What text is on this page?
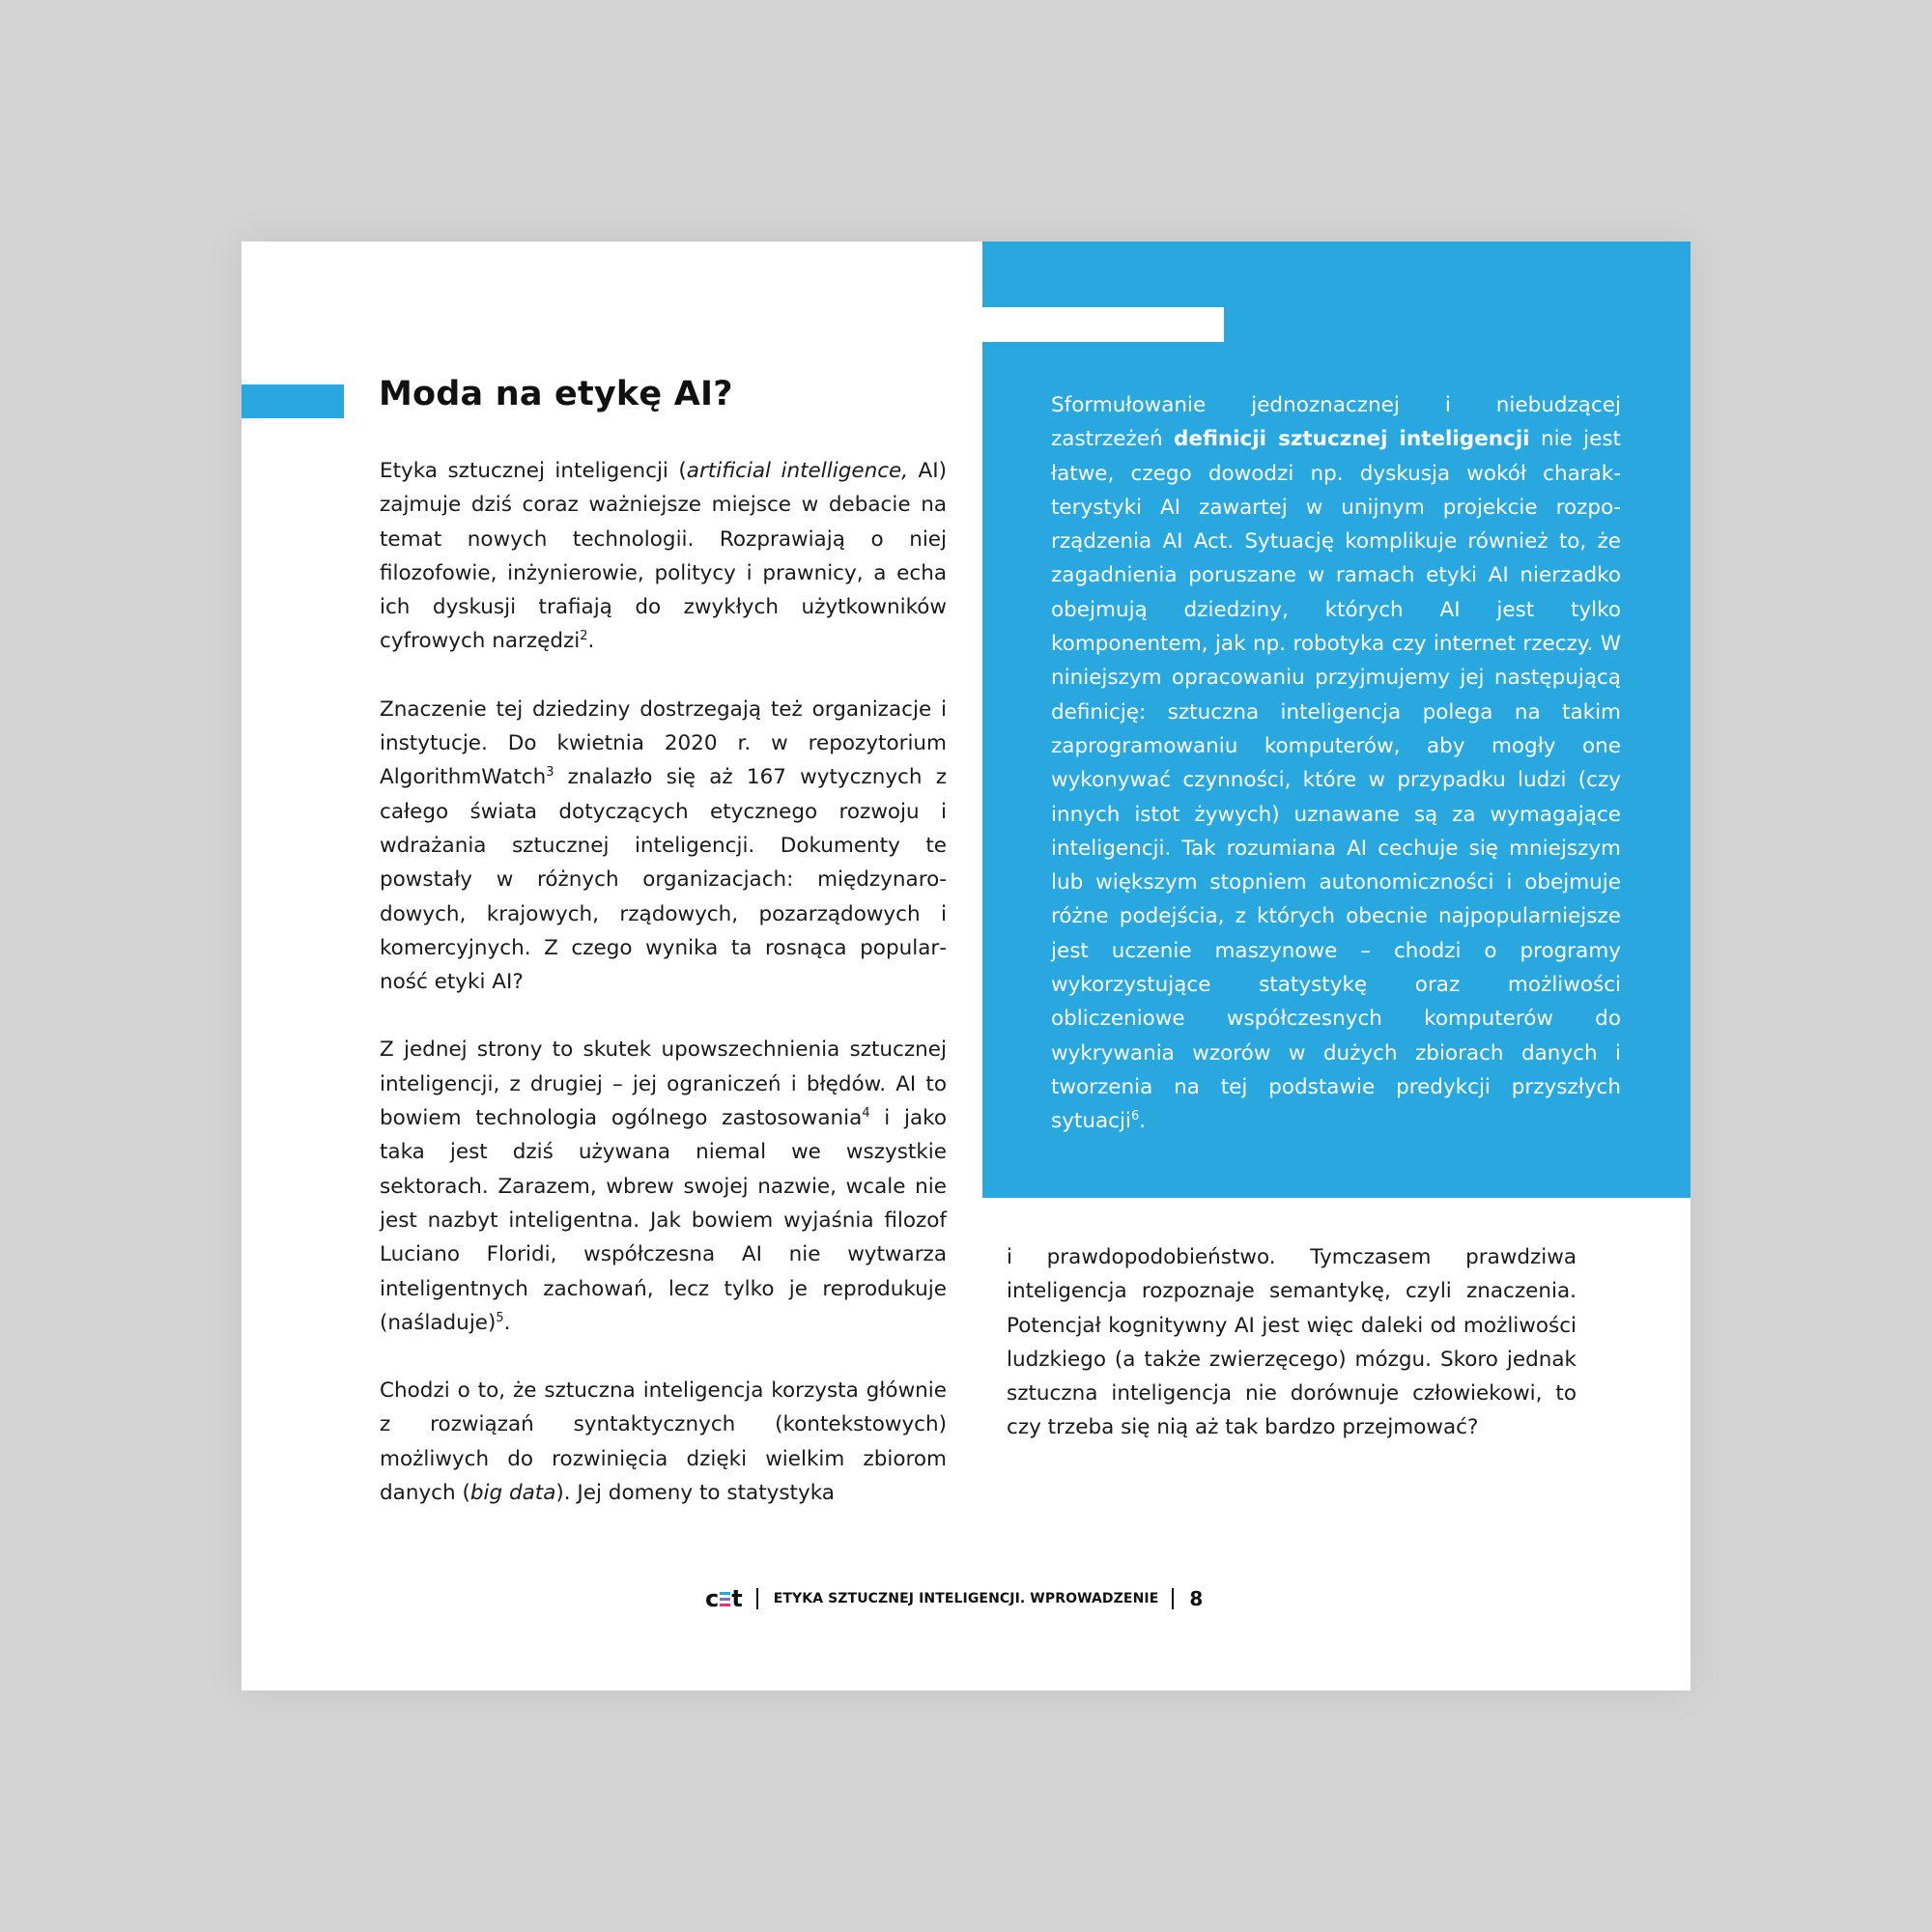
Moda na etykę AI?

Etyka sztucznej inteligencji (artificial intelligence, AI) zajmuje dziś coraz ważniejsze miejsce w debacie na temat nowych technologii. Rozprawiają o niej filozofowie, inżynierowie, politycy i prawnicy, a echa ich dyskusji trafiają do zwykłych użytkowników cyfrowych narzędzi$^2$.

Znaczenie tej dziedziny dostrzegają też organizacje i instytucje. Do kwietnia 2020 r. w repozytorium AlgorithmWatch$^3$ znalazło się aż 167 wytycznych z całego świata dotyczących etycznego rozwoju i wdrażania sztucznej inteligencji. Dokumenty te powstały w różnych organizacjach: międzynarodowych, krajowych, rządowych, pozarządowych i komercyjnych. Z czego wynika ta rosnąca popularność etyki AI?

Z jednej strony to skutek upowszechnienia sztucznej inteligencji, z drugiej – jej ograniczeń i błędów. AI to bowiem technologia ogólnego zastosowania$^4$ i jako taka jest dziś używana niemal we wszystkie sektorach. Zarazem, wbrew swojej nazwie, wcale nie jest nazbyt inteligentna. Jak bowiem wyjaśnia filozof Luciano Floridi, współczesna AI nie wytwarza inteligentnych zachowań, lecz tylko je reprodukuje (naśladuje)$^5$.

Chodzi o to, że sztuczna inteligencja korzysta głównie z rozwiązań syntaktycznych (kontekstowych) możliwych do rozwinięcia dzięki wielkim zbiorom danych (big data). Jej domeny to statystyka

Sformułowanie jednoznacznej i niebudzącej zastrzeżeń definicji sztucznej inteligencji nie jest łatwe, czego dowodzi np. dyskusja wokół charakterystyki AI zawartej w unijnym projekcie rozporządzenia AI Act. Sytuację komplikuje również to, że zagadnienia poruszane w ramach etyki AI nierzadko obejmują dziedziny, których AI jest tylko komponentem, jak np. robotyka czy internet rzeczy. W niniejszym opracowaniu przyjmujemy jej następującą definicję: sztuczna inteligencja polega na takim zaprogramowaniu komputerów, aby mogły one wykonywać czynności, które w przypadku ludzi (czy innych istot żywych) uznawane są za wymagające inteligencji. Tak rozumiana AI cechuje się mniejszym lub większym stopniem autonomiczności i obejmuje różne podejścia, z których obecnie najpopularniejsze jest uczenie maszynowe – chodzi o programy wykorzystujące statystykę oraz możliwości obliczeniowe współczesnych komputerów do wykrywania wzorów w dużych zbiorach danych i tworzenia na tej podstawie predykcji przyszłych sytuacji$^6$.

i prawdopodobieństwo. Tymczasem prawdziwa inteligencja rozpoznaje semantykę, czyli znaczenia. Potencjał kognitywny AI jest więc daleki od możliwości ludzkiego (a także zwierzęcego) mózgu. Skoro jednak sztuczna inteligencja nie dorównuje człowiekowi, to czy trzeba się nią aż tak bardzo przejmować?

c t ETYKA SZTUCZNEJ INTELIGENCJI. WPROWADZENIE 8
